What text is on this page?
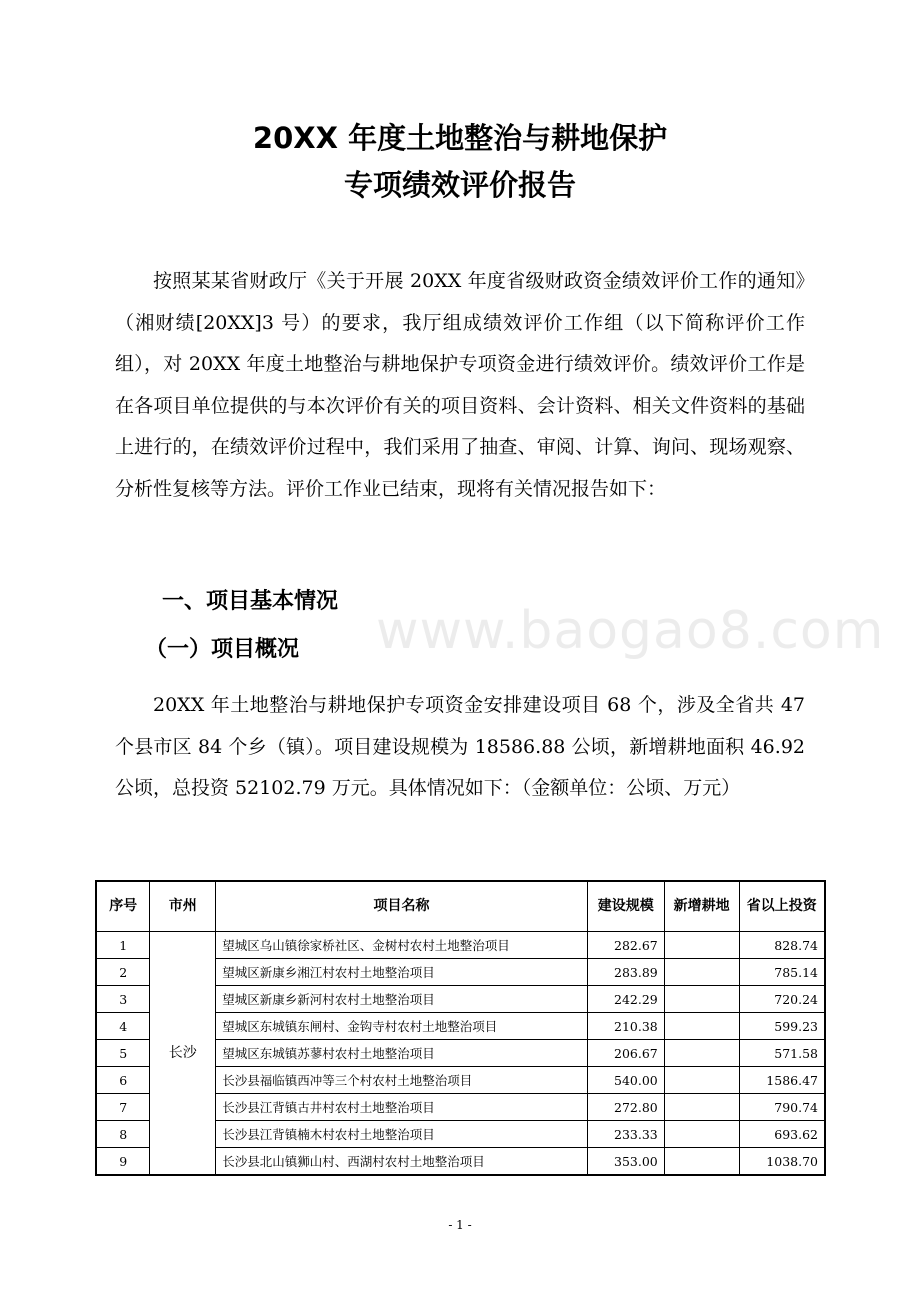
20XX 年度土地整治与耕地保护
专项绩效评价报告

按照某某省财政厅《关于开展 20XX 年度省级财政资金绩效评价工作的通知》（湘财绩[20XX]3 号）的要求，我厅组成绩效评价工作组（以下简称评价工作组），对 20XX 年度土地整治与耕地保护专项资金进行绩效评价。绩效评价工作是在各项目单位提供的与本次评价有关的项目资料、会计资料、相关文件资料的基础上进行的，在绩效评价过程中，我们采用了抽查、审阅、计算、询问、现场观察、分析性复核等方法。评价工作业已结束，现将有关情况报告如下：

一、项目基本情况 www.baogao8.com
（一）项目概况

20XX 年土地整治与耕地保护专项资金安排建设项目 68 个，涉及全省共 47 个县市区 84 个乡（镇）。项目建设规模为 18586.88 公顷，新增耕地面积 46.92 公顷，总投资 52102.79 万元。具体情况如下：（金额单位：公顷、万元）

序号	市州	项目名称	建设规模	新增耕地	省以上投资
1	长沙	望城区乌山镇徐家桥社区、金树村农村土地整治项目	282.67		828.74
2		望城区新康乡湘江村农村土地整治项目	283.89		785.14
3		望城区新康乡新河村农村土地整治项目	242.29		720.24
4		望城区东城镇东闸村、金钩寺村农村土地整治项目	210.38		599.23
5		望城区东城镇苏蓼村农村土地整治项目	206.67		571.58
6		长沙县福临镇西冲等三个村农村土地整治项目	540.00		1586.47
7		长沙县江背镇古井村农村土地整治项目	272.80		790.74
8		长沙县江背镇楠木村农村土地整治项目	233.33		693.62
9		长沙县北山镇狮山村、西湖村农村土地整治项目	353.00		1038.70

- 1 -
